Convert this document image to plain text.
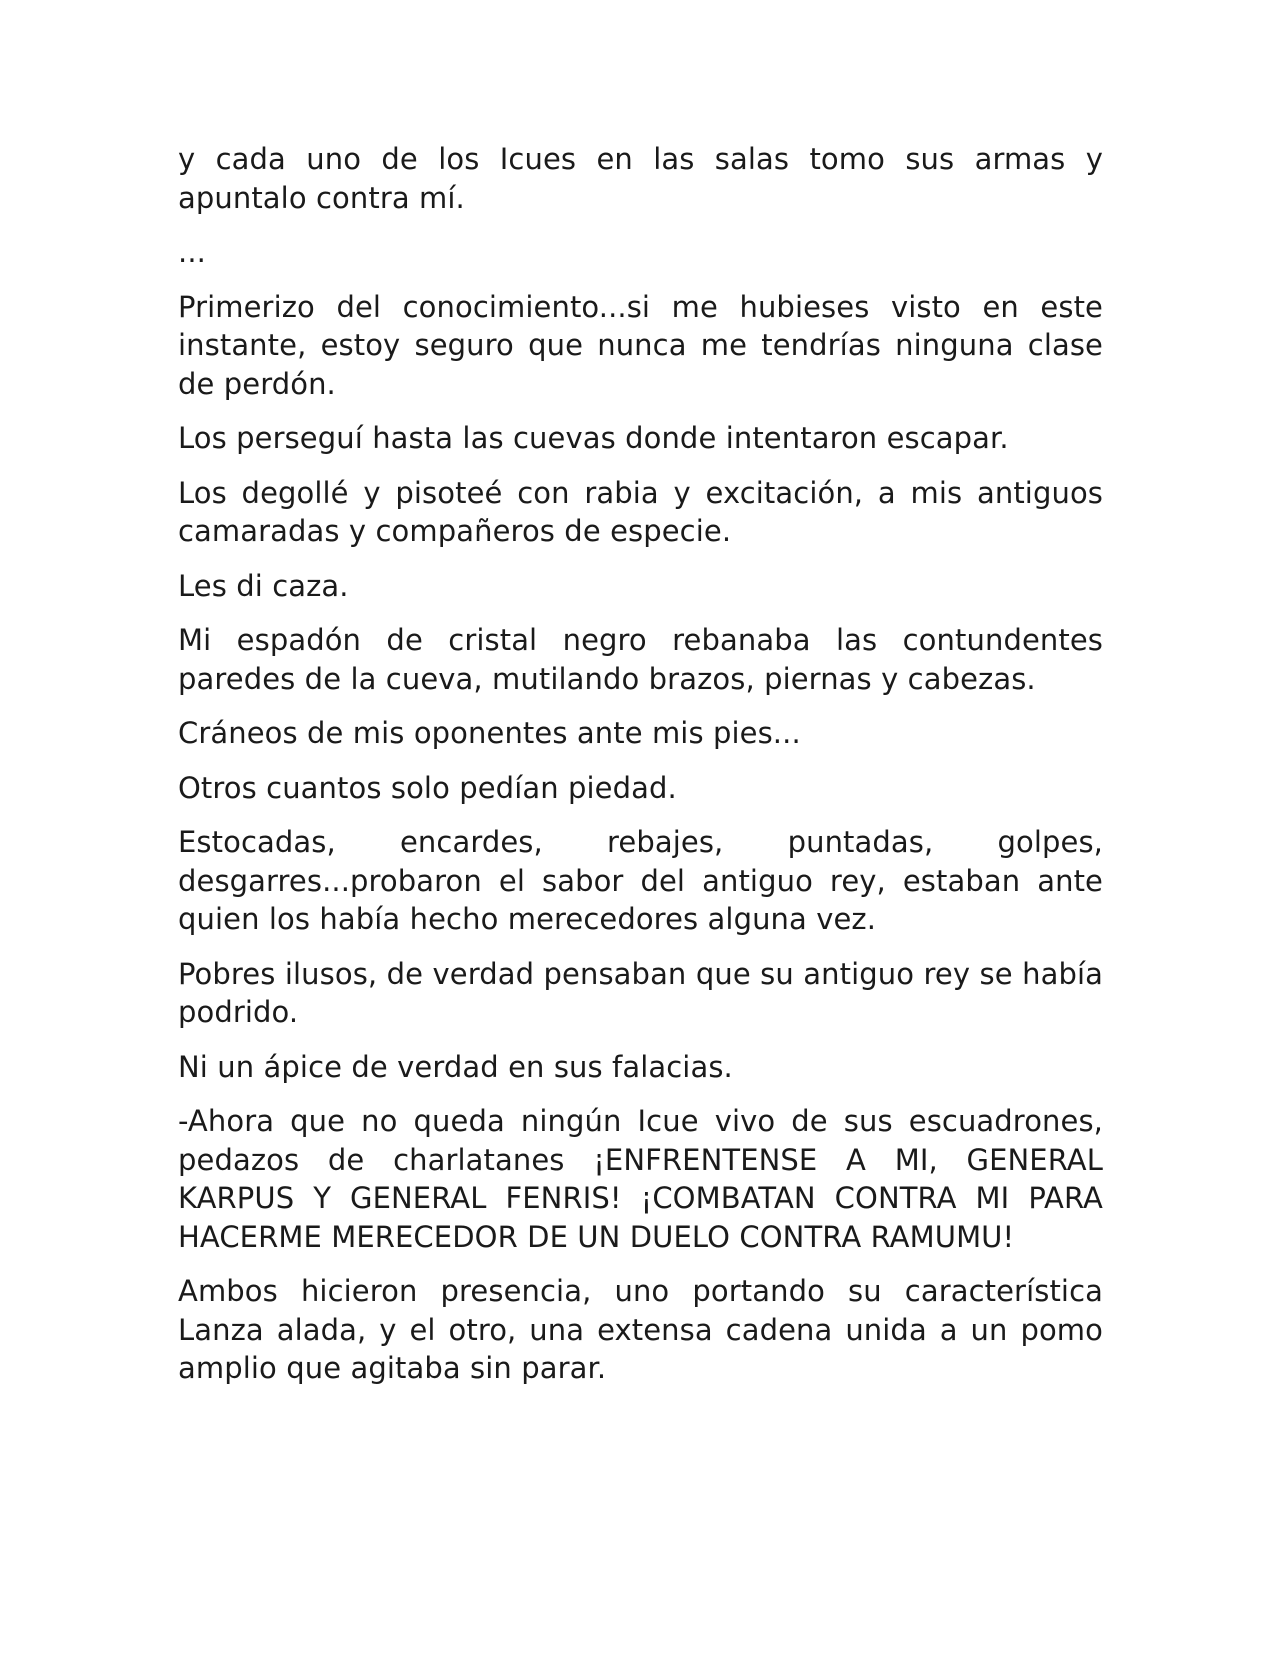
y cada uno de los Icues en las salas tomo sus armas y apuntalo contra mí.

...

Primerizo del conocimiento...si me hubieses visto en este instante, estoy seguro que nunca me tendrías ninguna clase de perdón.

Los perseguí hasta las cuevas donde intentaron escapar.

Los degollé y pisoteé con rabia y excitación, a mis antiguos camaradas y compañeros de especie.

Les di caza.

Mi espadón de cristal negro rebanaba las contundentes paredes de la cueva, mutilando brazos, piernas y cabezas.

Cráneos de mis oponentes ante mis pies...

Otros cuantos solo pedían piedad.

Estocadas, encardes, rebajes, puntadas, golpes, desgarres...probaron el sabor del antiguo rey, estaban ante quien los había hecho merecedores alguna vez.

Pobres ilusos, de verdad pensaban que su antiguo rey se había podrido.

Ni un ápice de verdad en sus falacias.

-Ahora que no queda ningún Icue vivo de sus escuadrones, pedazos de charlatanes ¡ENFRENTENSE A MI, GENERAL KARPUS Y GENERAL FENRIS! ¡COMBATAN CONTRA MI PARA HACERME MERECEDOR DE UN DUELO CONTRA RAMUMU!

Ambos hicieron presencia, uno portando su característica Lanza alada, y el otro, una extensa cadena unida a un pomo amplio que agitaba sin parar.
